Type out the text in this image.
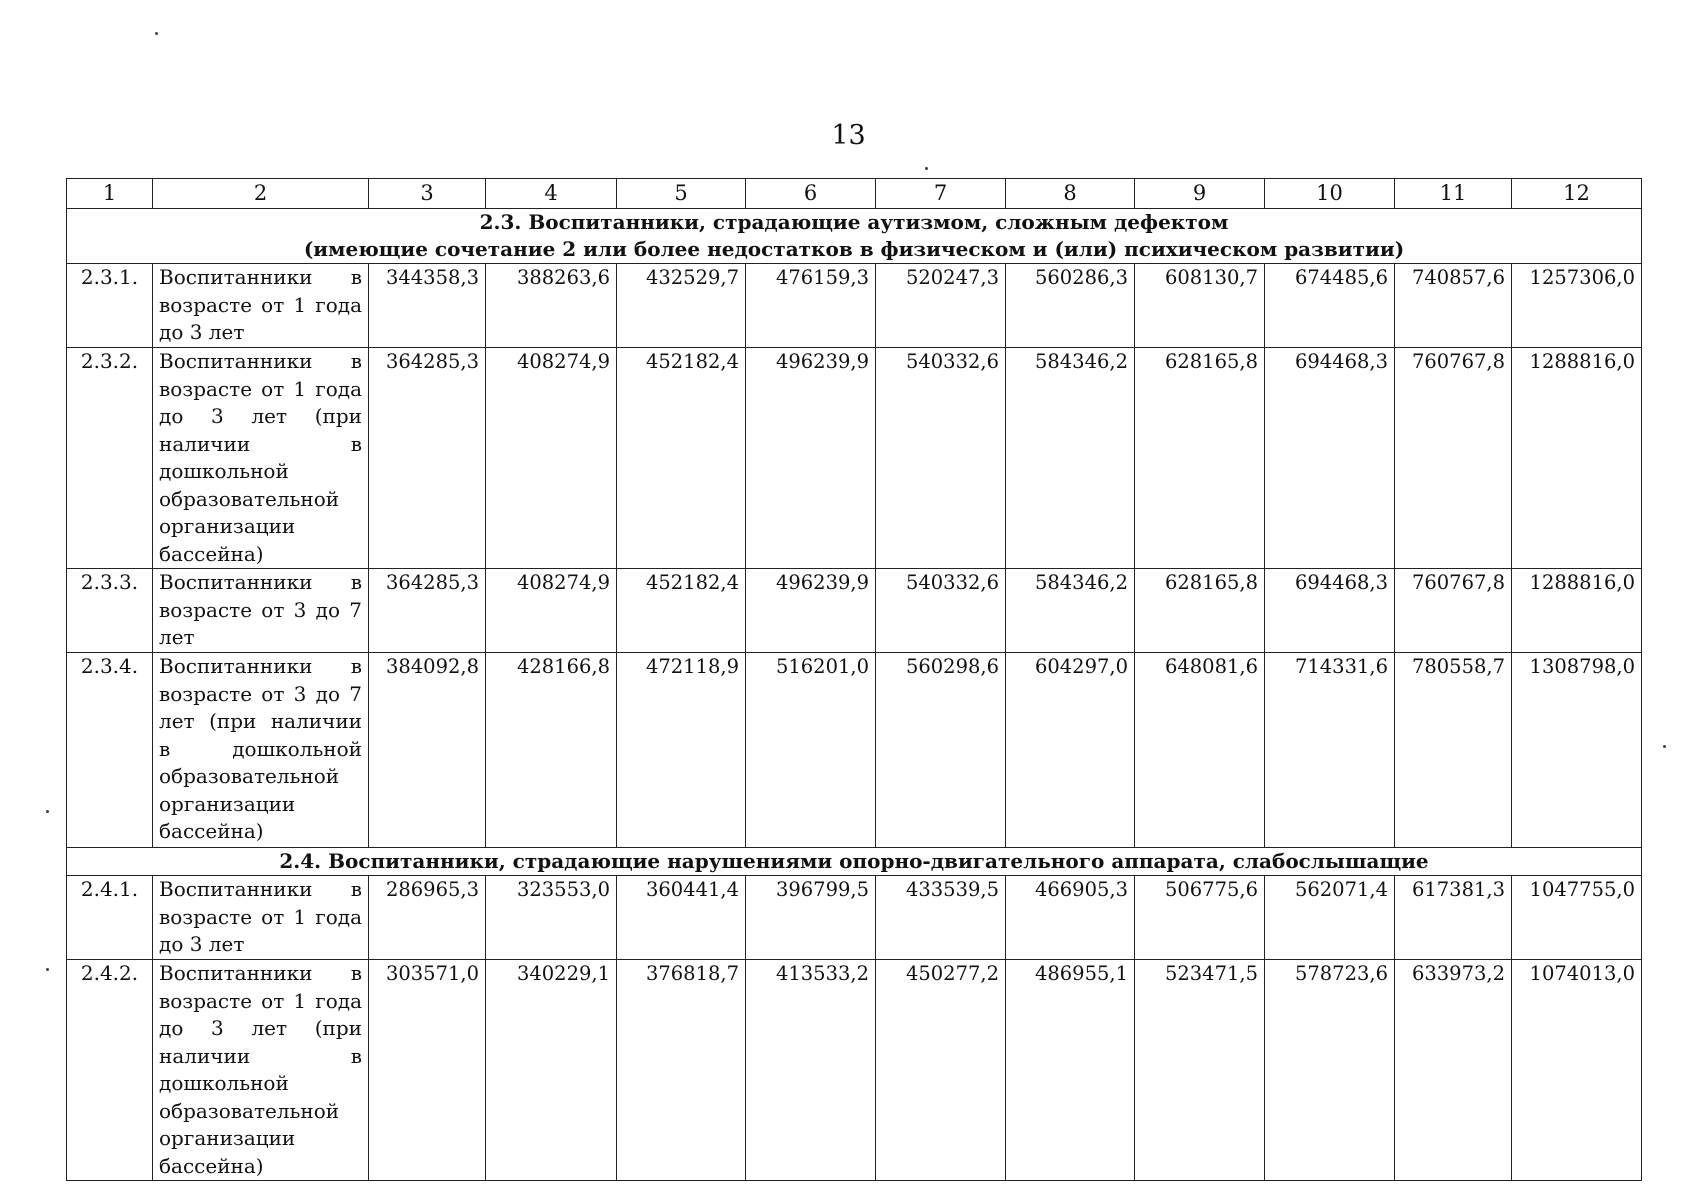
13
1	2	3	4	5	6	7	8	9	10	11	12

2.3. Воспитанники, страдающие аутизмом, сложным дефектом
(имеющие сочетание 2 или более недостатков в физическом и (или) психическом развитии)											

2.3.1.	Воспитанники в возрасте от 1 года до 3 лет	344358,3	388263,6	432529,7	476159,3	520247,3	560286,3	608130,7	674485,6	740857,6	1257306,0
2.3.2.	Воспитанники в возрасте от 1 года до 3 лет (при наличии в дошкольной образовательной организации бассейна)	364285,3	408274,9	452182,4	496239,9	540332,6	584346,2	628165,8	694468,3	760767,8	1288816,0
2.3.3.	Воспитанники в возрасте от 3 до 7 лет	364285,3	408274,9	452182,4	496239,9	540332,6	584346,2	628165,8	694468,3	760767,8	1288816,0
2.3.4.	Воспитанники в возрасте от 3 до 7 лет (при наличии в дошкольной образовательной организации бассейна)	384092,8	428166,8	472118,9	516201,0	560298,6	604297,0	648081,6	714331,6	780558,7	1308798,0
2.4. Воспитанники, страдающие нарушениями опорно-двигательного аппарата, слабослышащие											
2.4.1.	Воспитанники в возрасте от 1 года до 3 лет	286965,3	323553,0	360441,4	396799,5	433539,5	466905,3	506775,6	562071,4	617381,3	1047755,0
2.4.2.	Воспитанники в возрасте от 1 года до 3 лет (при наличии в дошкольной образовательной организации бассейна)	303571,0	340229,1	376818,7	413533,2	450277,2	486955,1	523471,5	578723,6	633973,2	1074013,0
